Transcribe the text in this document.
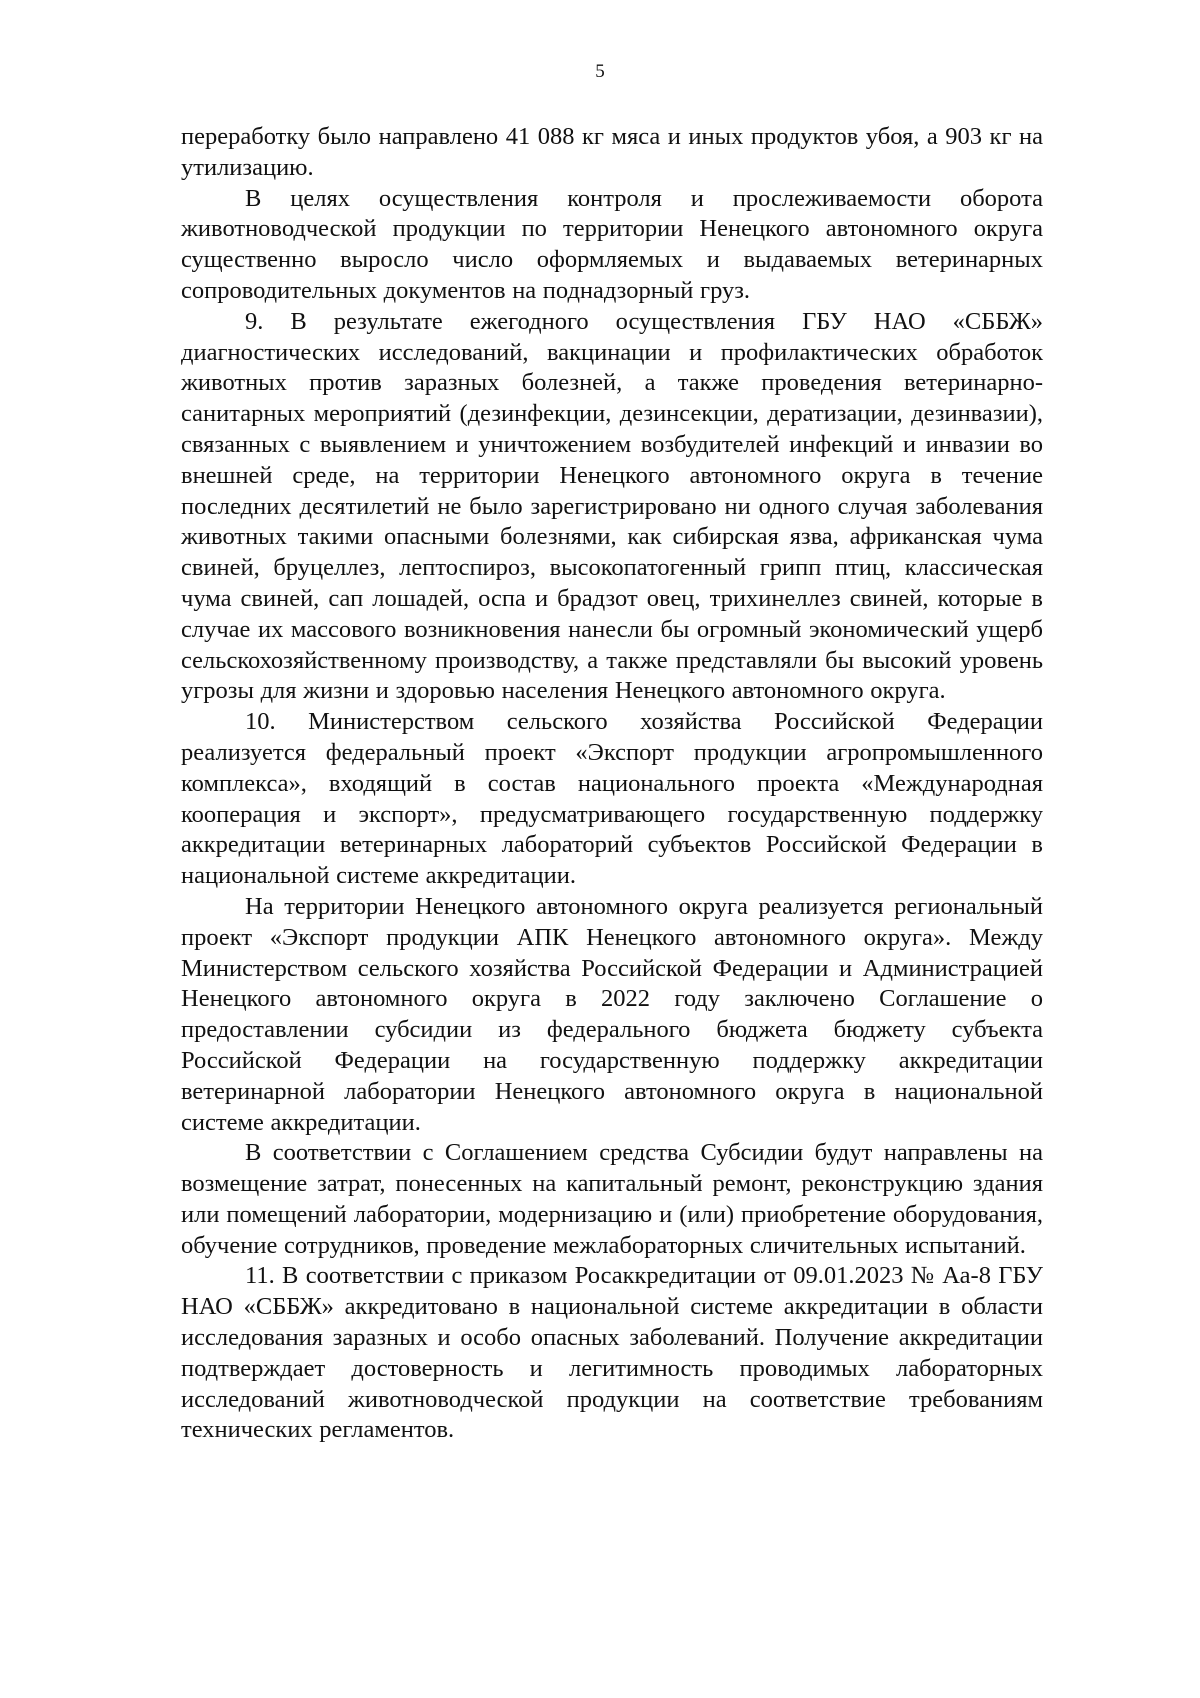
5

переработку было направлено 41 088 кг мяса и иных продуктов убоя, а 903 кг на утилизацию.

В целях осуществления контроля и прослеживаемости оборота животноводческой продукции по территории Ненецкого автономного округа существенно выросло число оформляемых и выдаваемых ветеринарных сопроводительных документов на поднадзорный груз.

9. В результате ежегодного осуществления ГБУ НАО «СББЖ» диагностических исследований, вакцинации и профилактических обработок животных против заразных болезней, а также проведения ветеринарно-санитарных мероприятий (дезинфекции, дезинсекции, дератизации, дезинвазии), связанных с выявлением и уничтожением возбудителей инфекций и инвазии во внешней среде, на территории Ненецкого автономного округа в течение последних десятилетий не было зарегистрировано ни одного случая заболевания животных такими опасными болезнями, как сибирская язва, африканская чума свиней, бруцеллез, лептоспироз, высокопатогенный грипп птиц, классическая чума свиней, сап лошадей, оспа и брадзот овец, трихинеллез свиней, которые в случае их массового возникновения нанесли бы огромный экономический ущерб сельскохозяйственному производству, а также представляли бы высокий уровень угрозы для жизни и здоровью населения Ненецкого автономного округа.

10. Министерством сельского хозяйства Российской Федерации реализуется федеральный проект «Экспорт продукции агропромышленного комплекса», входящий в состав национального проекта «Международная кооперация и экспорт», предусматривающего государственную поддержку аккредитации ветеринарных лабораторий субъектов Российской Федерации в национальной системе аккредитации.

На территории Ненецкого автономного округа реализуется региональный проект «Экспорт продукции АПК Ненецкого автономного округа». Между Министерством сельского хозяйства Российской Федерации и Администрацией Ненецкого автономного округа в 2022 году заключено Соглашение о предоставлении субсидии из федерального бюджета бюджету субъекта Российской Федерации на государственную поддержку аккредитации ветеринарной лаборатории Ненецкого автономного округа в национальной системе аккредитации.

В соответствии с Соглашением средства Субсидии будут направлены на возмещение затрат, понесенных на капитальный ремонт, реконструкцию здания или помещений лаборатории, модернизацию и (или) приобретение оборудования, обучение сотрудников, проведение межлабораторных сличительных испытаний.

11. В соответствии с приказом Росаккредитации от 09.01.2023 № Аа-8 ГБУ НАО «СББЖ» аккредитовано в национальной системе аккредитации в области исследования заразных и особо опасных заболеваний. Получение аккредитации подтверждает достоверность и легитимность проводимых лабораторных исследований животноводческой продукции на соответствие требованиям технических регламентов.
